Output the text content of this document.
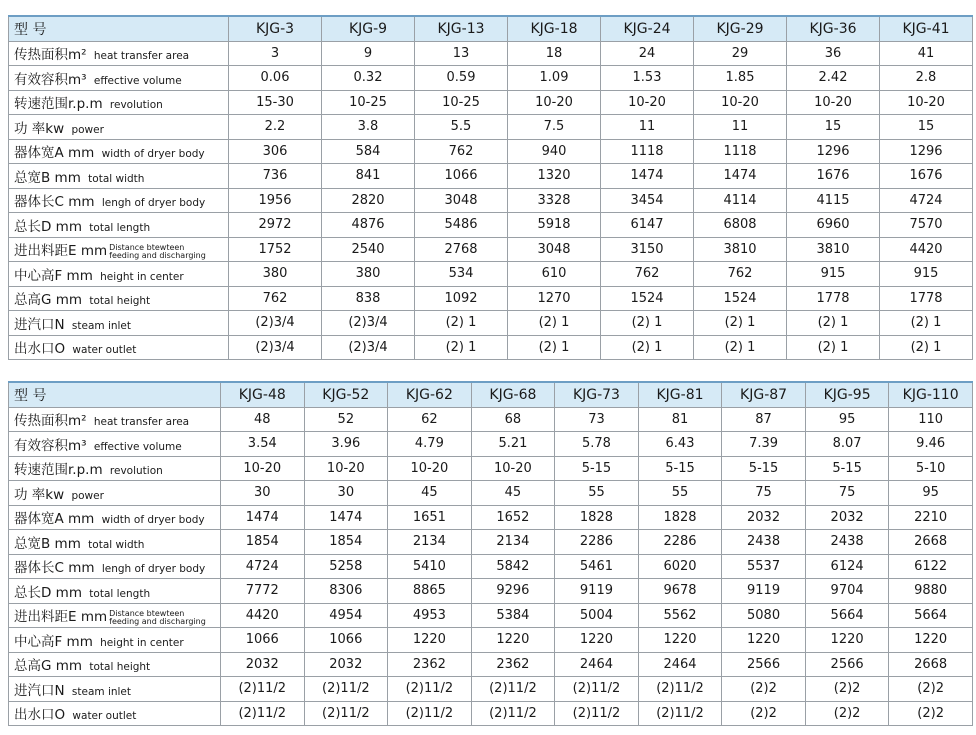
型 号	KJG-3	KJG-9	KJG-13	KJG-18	KJG-24	KJG-29	KJG-36	KJG-41
传热面积m² heat transfer area	3	9	13	18	24	29	36	41
有效容积m³ effective volume	0.06	0.32	0.59	1.09	1.53	1.85	2.42	2.8
转速范围r.p.m revolution	15-30	10-25	10-25	10-20	10-20	10-20	10-20	10-20
功 率kw power	2.2	3.8	5.5	7.5	11	11	15	15
器体宽A mm width of dryer body	306	584	762	940	1118	1118	1296	1296
总宽B mm total width	736	841	1066	1320	1474	1474	1676	1676
器体长C mm lengh of dryer body	1956	2820	3048	3328	3454	4114	4115	4724
总长D mm total length	2972	4876	5486	5918	6147	6808	6960	7570
进出料距E mm Distance btewteen feeding and discharging	1752	2540	2768	3048	3150	3810	3810	4420
中心高F mm height in center	380	380	534	610	762	762	915	915
总高G mm total height	762	838	1092	1270	1524	1524	1778	1778
进汽口N steam inlet	(2)3/4	(2)3/4	(2) 1	(2) 1	(2) 1	(2) 1	(2) 1	(2) 1
出水口O water outlet	(2)3/4	(2)3/4	(2) 1	(2) 1	(2) 1	(2) 1	(2) 1	(2) 1
型 号	KJG-48	KJG-52	KJG-62	KJG-68	KJG-73	KJG-81	KJG-87	KJG-95	KJG-110
传热面积m² heat transfer area	48	52	62	68	73	81	87	95	110
有效容积m³ effective volume	3.54	3.96	4.79	5.21	5.78	6.43	7.39	8.07	9.46
转速范围r.p.m revolution	10-20	10-20	10-20	10-20	5-15	5-15	5-15	5-15	5-10
功 率kw power	30	30	45	45	55	55	75	75	95
器体宽A mm width of dryer body	1474	1474	1651	1652	1828	1828	2032	2032	2210
总宽B mm total width	1854	1854	2134	2134	2286	2286	2438	2438	2668
器体长C mm lengh of dryer body	4724	5258	5410	5842	5461	6020	5537	6124	6122
总长D mm total length	7772	8306	8865	9296	9119	9678	9119	9704	9880
进出料距E mm Distance btewteen feeding and discharging	4420	4954	4953	5384	5004	5562	5080	5664	5664
中心高F mm height in center	1066	1066	1220	1220	1220	1220	1220	1220	1220
总高G mm total height	2032	2032	2362	2362	2464	2464	2566	2566	2668
进汽口N steam inlet	(2)11/2	(2)11/2	(2)11/2	(2)11/2	(2)11/2	(2)11/2	(2)2	(2)2	(2)2
出水口O water outlet	(2)11/2	(2)11/2	(2)11/2	(2)11/2	(2)11/2	(2)11/2	(2)2	(2)2	(2)2
